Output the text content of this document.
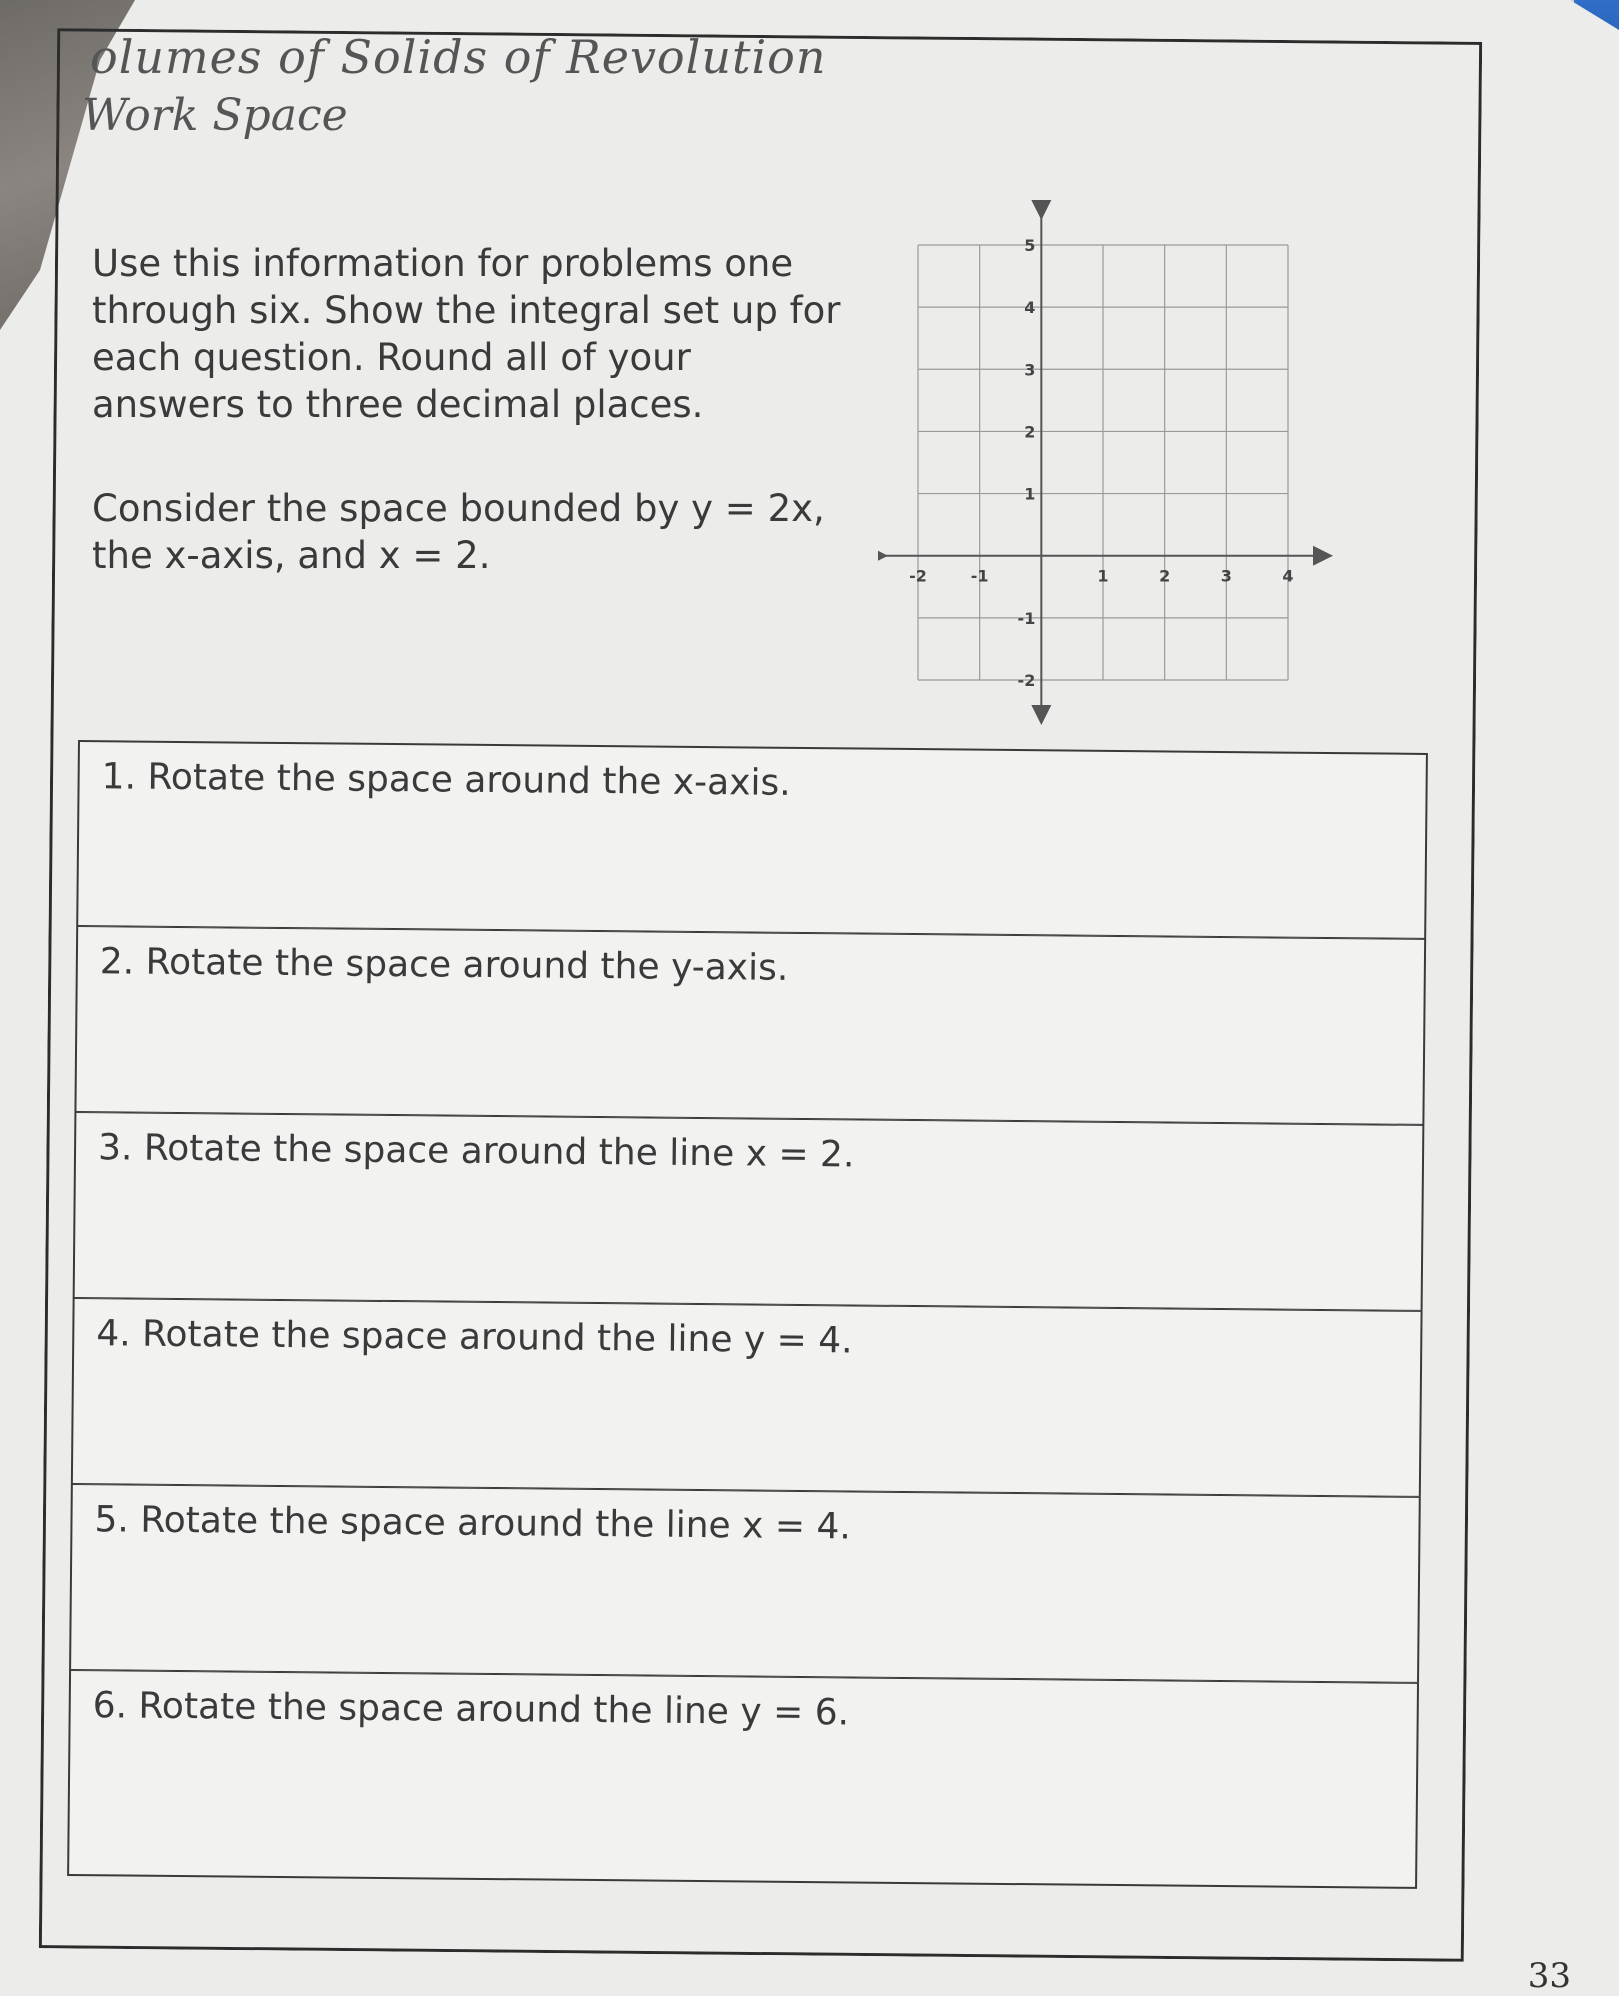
olumes of Solids of Revolution
Work Space
Use this information for problems one through six. Show the integral set up for each question. Round all of your answers to three decimal places.
Consider the space bounded by y = 2x, the x-axis, and x = 2.	-2	-1	1	2	3	4
5
4
3
2
1
-1
-2
1. Rotate the space around the x-axis.
2. Rotate the space around the y-axis.
3. Rotate the space around the line x = 2.
4. Rotate the space around the line y = 4.
5. Rotate the space around the line x = 4.
6. Rotate the space around the line y = 6.
33
